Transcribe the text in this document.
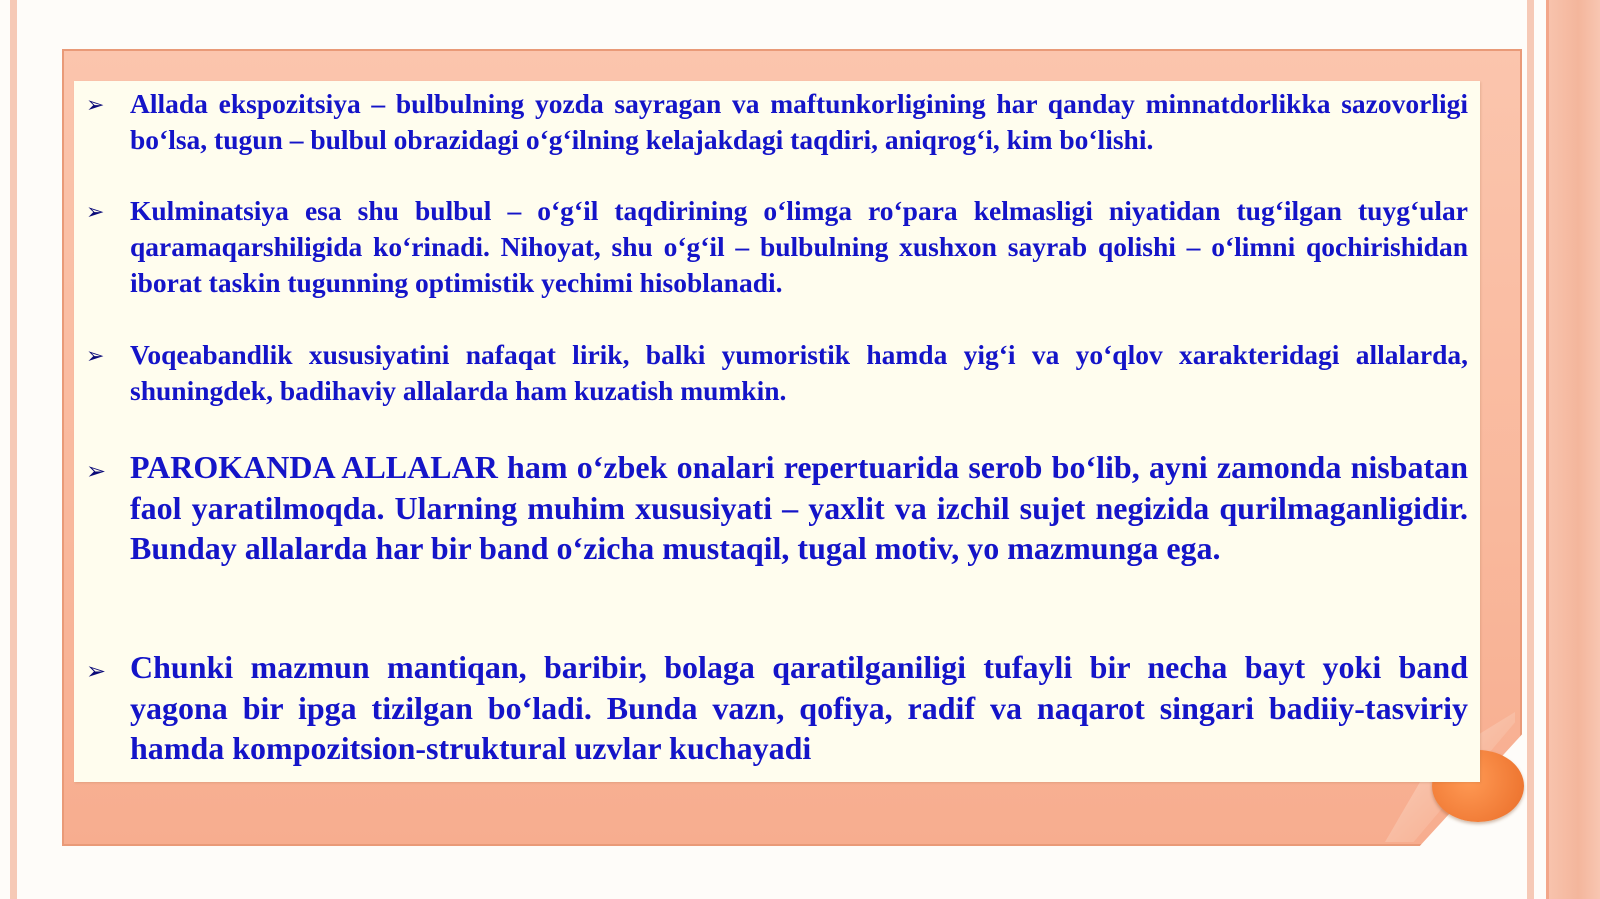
➢ Allada ekspozitsiya – bulbulning yozda sayragan va maftunkorligining har qanday minnatdorlikka sazovorligi bo‘lsa, tugun – bulbul obrazidagi o‘g‘ilning kelajakdagi taqdiri, aniqrog‘i, kim bo‘lishi.
➢ Kulminatsiya esa shu bulbul – o‘g‘il taqdirining o‘limga ro‘para kelmasligi niyatidan tug‘ilgan tuyg‘ular qaramaqarshiligida ko‘rinadi. Nihoyat, shu o‘g‘il – bulbulning xushxon sayrab qolishi – o‘limni qochirishidan iborat taskin tugunning optimistik yechimi hisoblanadi.
➢ Voqeabandlik xususiyatini nafaqat lirik, balki yumoristik hamda yig‘i va yo‘qlov xarakteridagi allalarda, shuningdek, badihaviy allalarda ham kuzatish mumkin.
➢ PAROKANDA ALLALAR ham o‘zbek onalari repertuarida serob bo‘lib, ayni zamonda nisbatan faol yaratilmoqda. Ularning muhim xususiyati – yaxlit va izchil sujet negizida qurilmaganligidir. Bunday allalarda har bir band o‘zicha mustaqil, tugal motiv, yo mazmunga ega.
➢ Chunki mazmun mantiqan, baribir, bolaga qaratilganiligi tufayli bir necha bayt yoki band yagona bir ipga tizilgan bo‘ladi. Bunda vazn, qofiya, radif va naqarot singari badiiy-tasviriy hamda kompozitsion-struktural uzvlar kuchayadi
